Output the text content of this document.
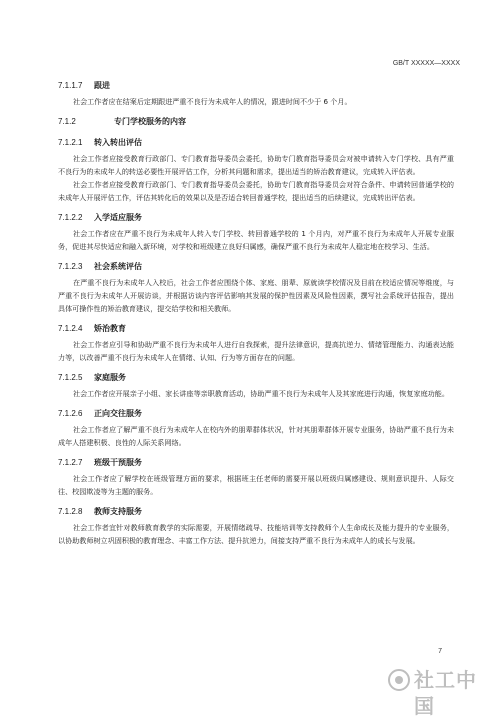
GB/T XXXXX—XXXX
7.1.1.7 跟进

社会工作者应在结案后定期跟进严重不良行为未成年人的情况，跟进时间不少于 6 个月。

7.1.2	专门学校服务的内容
7.1.2.1 转入转出评估

社会工作者应接受教育行政部门、专门教育指导委员会委托，协助专门教育指导委员会对被申请转入专门学校、具有严重不良行为的未成年人的转送必要性开展评估工作，分析其问题和需求，提出适当的矫治教育建议，完成转入评估表。

社会工作者应接受教育行政部门、专门教育指导委员会委托，协助专门教育指导委员会对符合条件、申请转回普通学校的未成年人开展评估工作，评估其转化后的效果以及是否适合转回普通学校，提出适当的后续建议，完成转出评估表。

7.1.2.2 入学适应服务

社会工作者应在严重不良行为未成年人转入专门学校、转回普通学校的 1 个月内，对严重不良行为未成年人开展专业服务，促进其尽快适应和融入新环境，对学校和班级建立良好归属感，确保严重不良行为未成年人稳定地在校学习、生活。

7.1.2.3 社会系统评估

在严重不良行为未成年人入校后，社会工作者应围绕个体、家庭、朋辈、原就读学校情况及目前在校适应情况等维度，与严重不良行为未成年人开展访谈，并根据访谈内容评估影响其发展的保护性因素及风险性因素，撰写社会系统评估报告，提出具体可操作性的矫治教育建议，提交给学校和相关教师。

7.1.2.4 矫治教育

社会工作者应引导和协助严重不良行为未成年人进行自我探索，提升法律意识，提高抗逆力、情绪管理能力、沟通表达能力等，以改善严重不良行为未成年人在情绪、认知、行为等方面存在的问题。

7.1.2.5 家庭服务

社会工作者应开展亲子小组、家长讲座等亲职教育活动，协助严重不良行为未成年人及其家庭进行沟通，恢复家庭功能。

7.1.2.6 正向交往服务

社会工作者应了解严重不良行为未成年人在校内外的朋辈群体状况，针对其朋辈群体开展专业服务，协助严重不良行为未成年人搭建积极、良性的人际关系网络。

7.1.2.7 班级干预服务

社会工作者应了解学校在班级管理方面的要求，根据班主任老师的需要开展以班级归属感建设、规则意识提升、人际交往、校园欺凌等为主题的服务。

7.1.2.8 教师支持服务

社会工作者宜针对教师教育教学的实际需要，开展情绪疏导、技能培训等支持教师个人生命成长及能力提升的专业服务，以协助教师树立巩固积极的教育理念、丰富工作方法、提升抗逆力，间接支持严重不良行为未成年人的成长与发展。

7
社工中国
